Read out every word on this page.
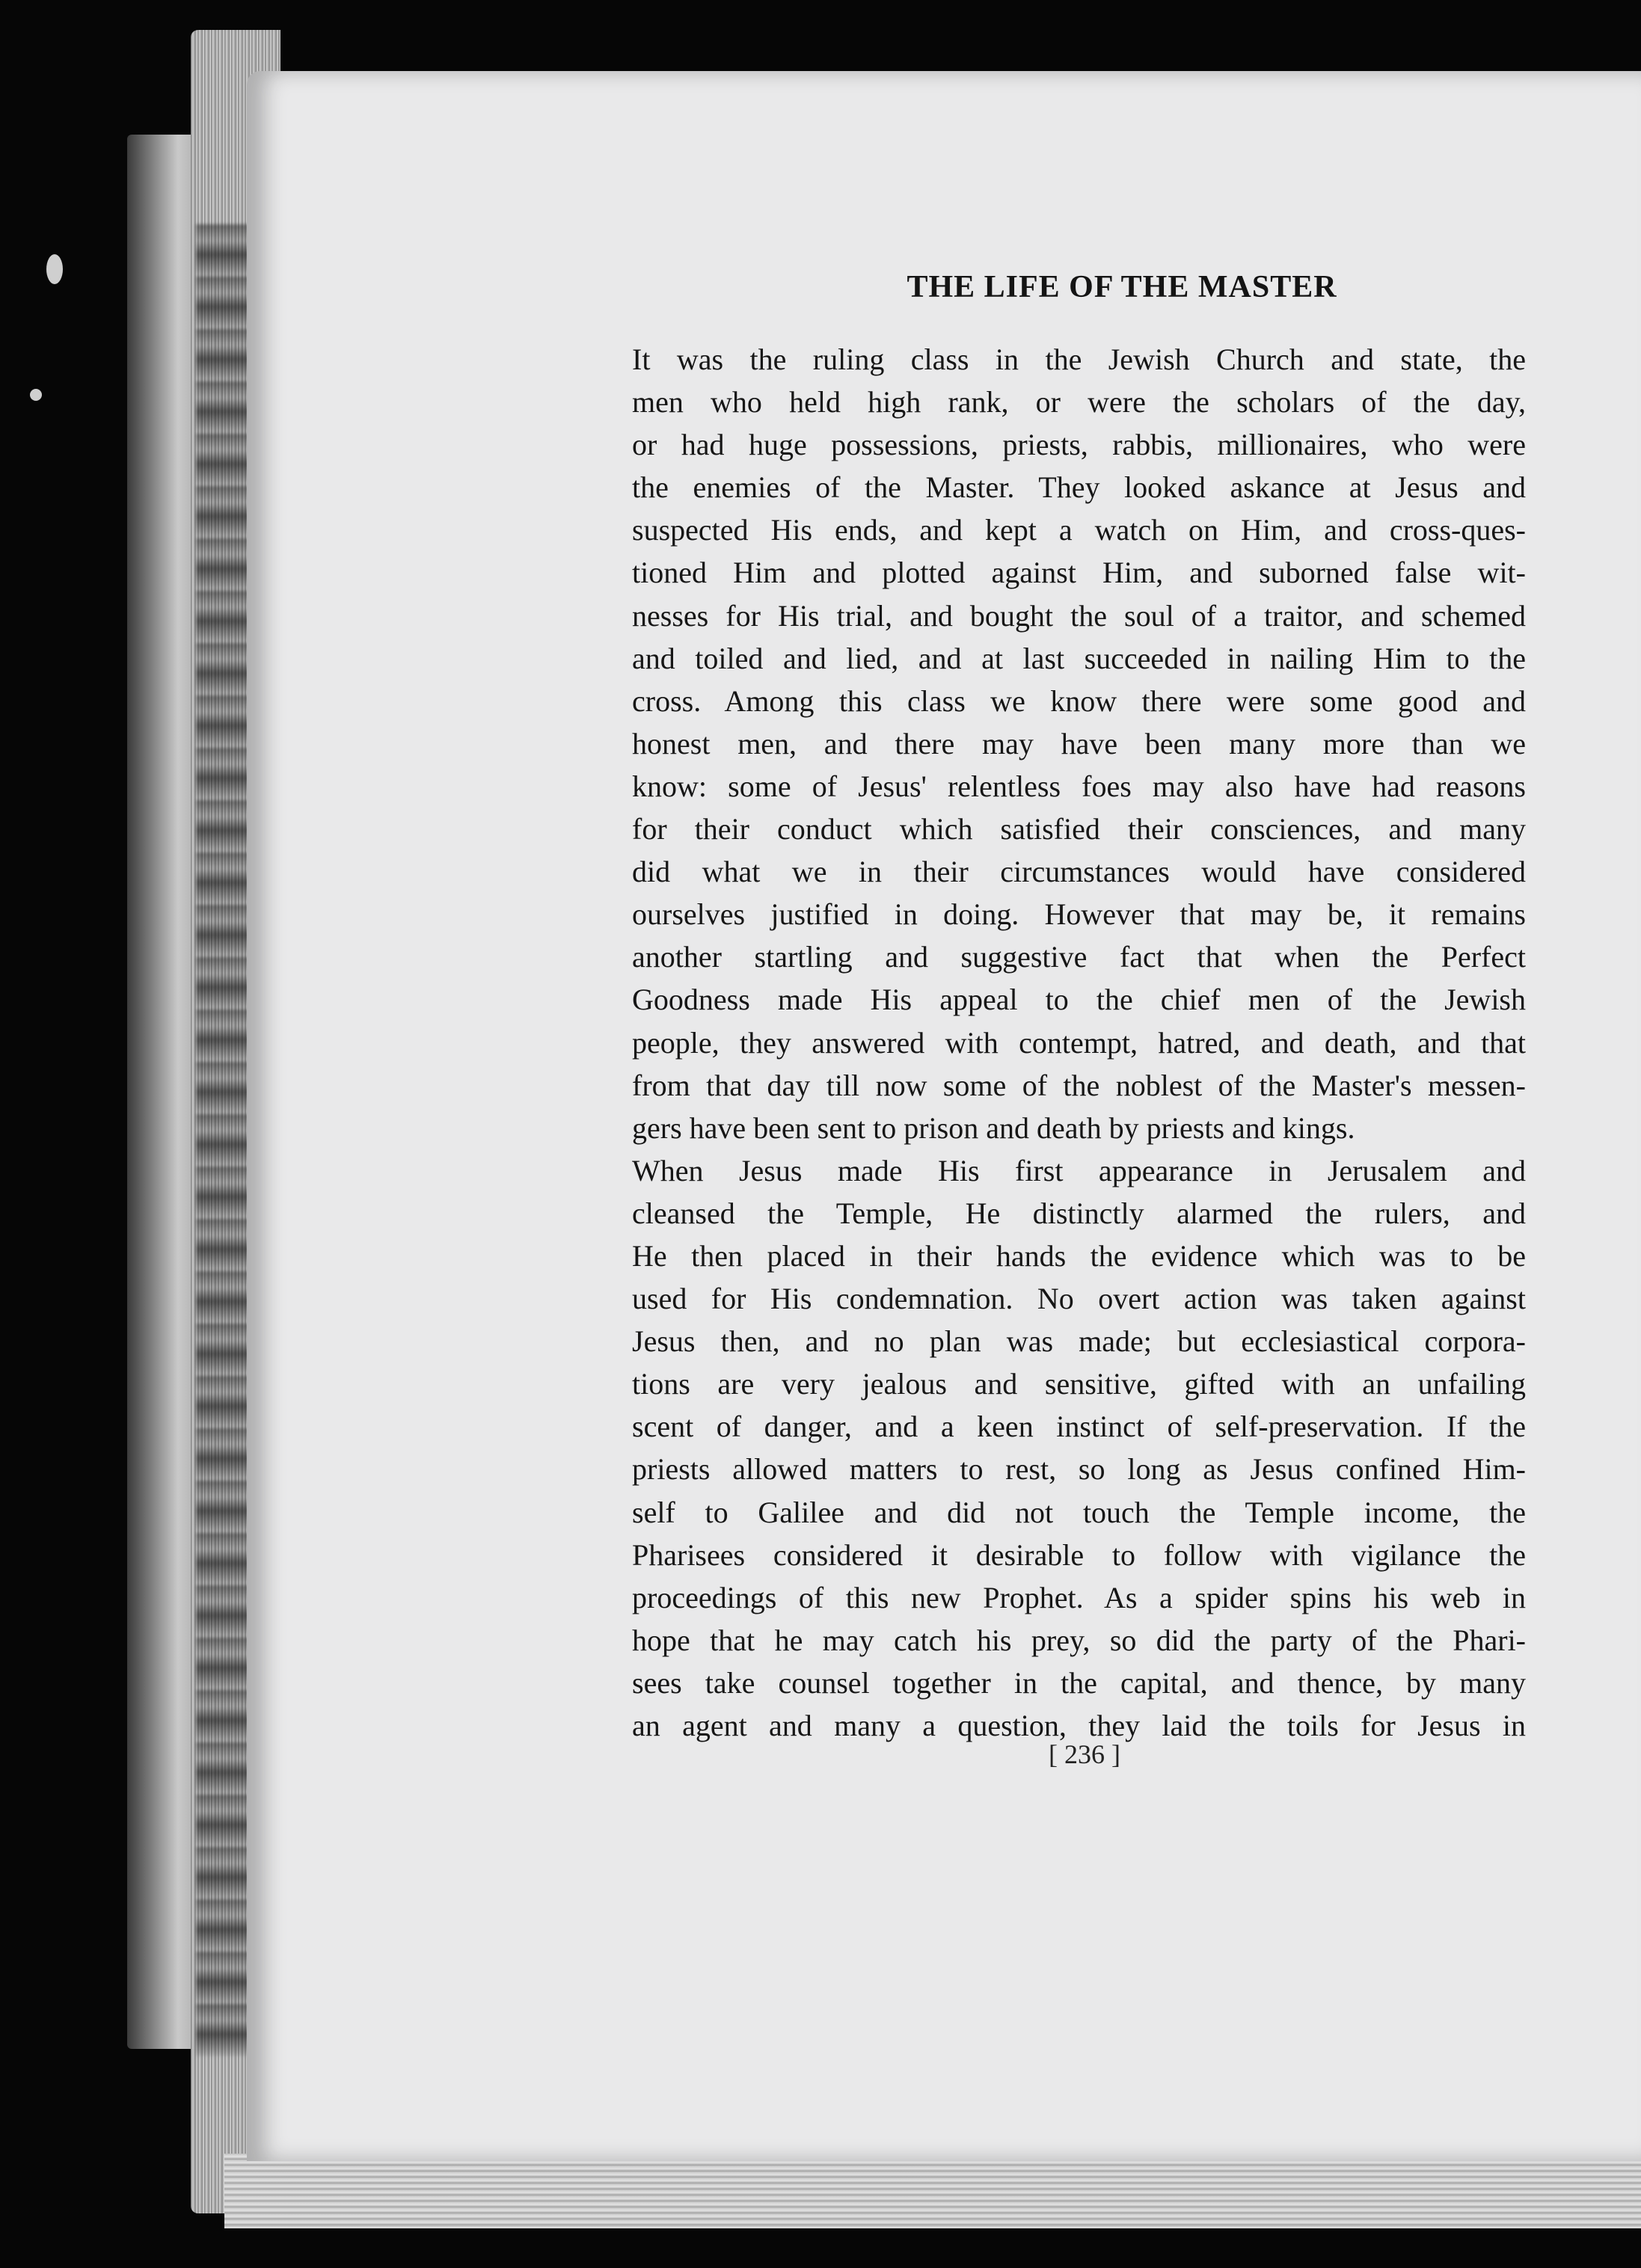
THE LIFE OF THE MASTER
It was the ruling class in the Jewish Church and state, the
men who held high rank, or were the scholars of the day,
or had huge possessions, priests, rabbis, millionaires, who were
the enemies of the Master. They looked askance at Jesus and
suspected His ends, and kept a watch on Him, and cross-ques-
tioned Him and plotted against Him, and suborned false wit-
nesses for His trial, and bought the soul of a traitor, and schemed
and toiled and lied, and at last succeeded in nailing Him to the
cross. Among this class we know there were some good and
honest men, and there may have been many more than we
know: some of Jesus' relentless foes may also have had reasons
for their conduct which satisfied their consciences, and many
did what we in their circumstances would have considered
ourselves justified in doing. However that may be, it remains
another startling and suggestive fact that when the Perfect
Goodness made His appeal to the chief men of the Jewish
people, they answered with contempt, hatred, and death, and that
from that day till now some of the noblest of the Master's messen-
gers have been sent to prison and death by priests and kings.
When Jesus made His first appearance in Jerusalem and
cleansed the Temple, He distinctly alarmed the rulers, and
He then placed in their hands the evidence which was to be
used for His condemnation. No overt action was taken against
Jesus then, and no plan was made; but ecclesiastical corpora-
tions are very jealous and sensitive, gifted with an unfailing
scent of danger, and a keen instinct of self-preservation. If the
priests allowed matters to rest, so long as Jesus confined Him-
self to Galilee and did not touch the Temple income, the
Pharisees considered it desirable to follow with vigilance the
proceedings of this new Prophet. As a spider spins his web in
hope that he may catch his prey, so did the party of the Phari-
sees take counsel together in the capital, and thence, by many
an agent and many a question, they laid the toils for Jesus in
[ 236 ]
